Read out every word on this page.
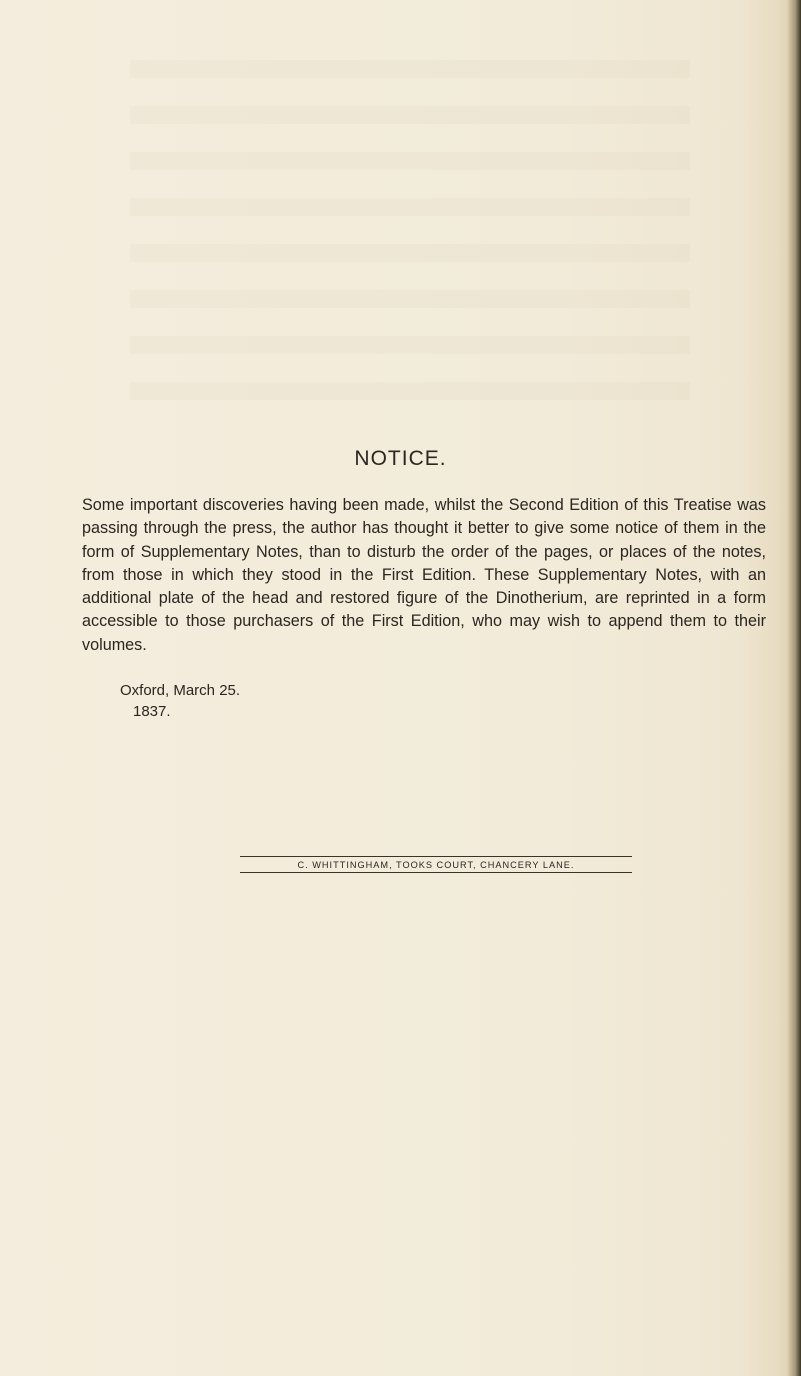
NOTICE.
Some important discoveries having been made, whilst the Second Edition of this Treatise was passing through the press, the author has thought it better to give some notice of them in the form of Supplementary Notes, than to disturb the order of the pages, or places of the notes, from those in which they stood in the First Edition. These Supplementary Notes, with an additional plate of the head and restored figure of the Dinotherium, are reprinted in a form accessible to those purchasers of the First Edition, who may wish to append them to their volumes.
Oxford, March 25.
1837.
C. WHITTINGHAM, TOOKS COURT, CHANCERY LANE.
